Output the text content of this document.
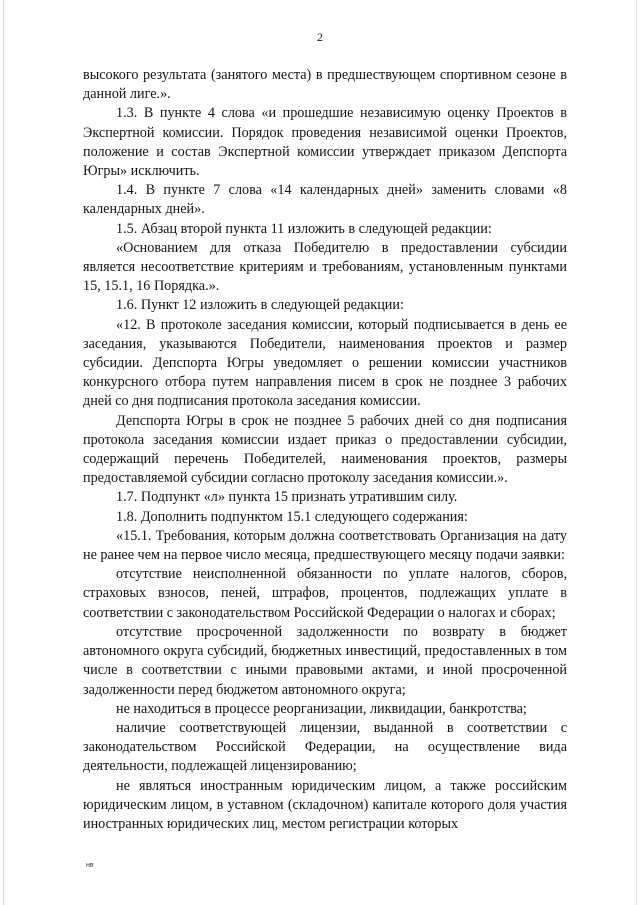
2

высокого результата (занятого места) в предшествующем спортивном сезоне в данной лиге.».

1.3. В пункте 4 слова «и прошедшие независимую оценку Проектов в Экспертной комиссии. Порядок проведения независимой оценки Проектов, положение и состав Экспертной комиссии утверждает приказом Депспорта Югры» исключить.

1.4. В пункте 7 слова «14 календарных дней» заменить словами «8 календарных дней».

1.5. Абзац второй пункта 11 изложить в следующей редакции:

«Основанием для отказа Победителю в предоставлении субсидии является несоответствие критериям и требованиям, установленным пунктами 15, 15.1, 16 Порядка.».

1.6. Пункт 12 изложить в следующей редакции:

«12. В протоколе заседания комиссии, который подписывается в день ее заседания, указываются Победители, наименования проектов и размер субсидии. Депспорта Югры уведомляет о решении комиссии участников конкурсного отбора путем направления писем в срок не позднее 3 рабочих дней со дня подписания протокола заседания комиссии.

Депспорта Югры в срок не позднее 5 рабочих дней со дня подписания протокола заседания комиссии издает приказ о предоставлении субсидии, содержащий перечень Победителей, наименования проектов, размеры предоставляемой субсидии согласно протоколу заседания комиссии.».

1.7. Подпункт «л» пункта 15 признать утратившим силу.

1.8. Дополнить подпунктом 15.1 следующего содержания:

«15.1. Требования, которым должна соответствовать Организация на дату не ранее чем на первое число месяца, предшествующего месяцу подачи заявки:

отсутствие неисполненной обязанности по уплате налогов, сборов, страховых взносов, пеней, штрафов, процентов, подлежащих уплате в соответствии с законодательством Российской Федерации о налогах и сборах;

отсутствие просроченной задолженности по возврату в бюджет автономного округа субсидий, бюджетных инвестиций, предоставленных в том числе в соответствии с иными правовыми актами, и иной просроченной задолженности перед бюджетом автономного округа;

не находиться в процессе реорганизации, ликвидации, банкротства;

наличие соответствующей лицензии, выданной в соответствии с законодательством Российской Федерации, на осуществление вида деятельности, подлежащей лицензированию;

не являться иностранным юридическим лицом, а также российским юридическим лицом, в уставном (складочном) капитале которого доля участия иностранных юридических лиц, местом регистрации которых

нв
